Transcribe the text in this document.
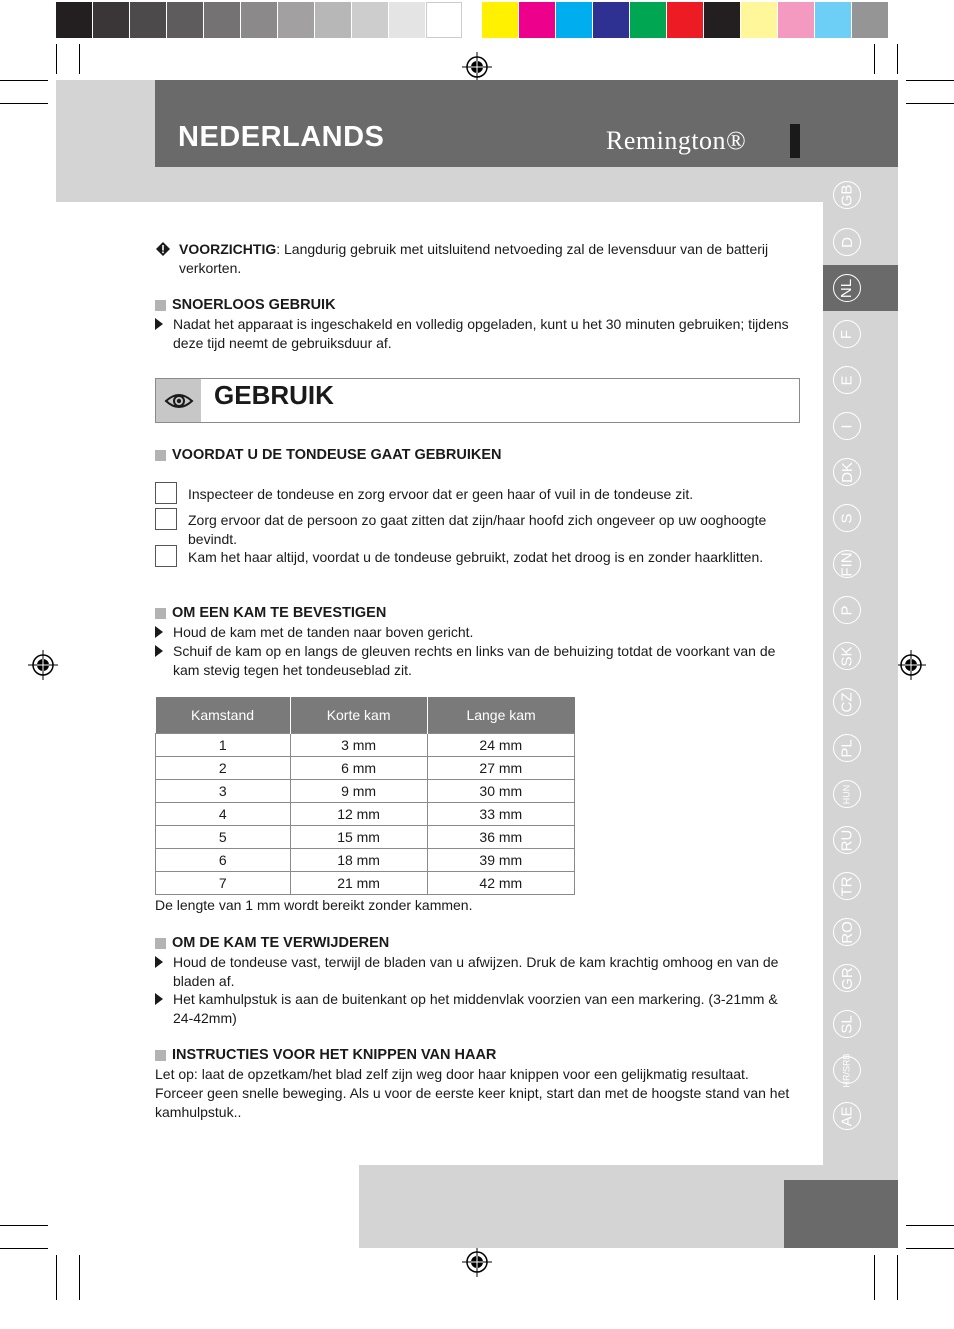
NEDERLANDS	Remington®
GB
D
NL
F
E
I
DK
S
FIN
P
SK
CZ
PL
HUN
RU
TR
RO
GR
SL
HR/SRB
AE
VOORZICHTIG: Langdurig gebruik met uitsluitend netvoeding zal de levensduur van de batterij verkorten.
SNOERLOOS GEBRUIK
Nadat het apparaat is ingeschakeld en volledig opgeladen, kunt u het 30 minuten gebruiken; tijdens deze tijd neemt de gebruiksduur af.
GEBRUIK
VOORDAT U DE TONDEUSE GAAT GEBRUIKEN
Inspecteer de tondeuse en zorg ervoor dat er geen haar of vuil in de tondeuse zit.
Zorg ervoor dat de persoon zo gaat zitten dat zijn/haar hoofd zich ongeveer op uw ooghoogte bevindt.
Kam het haar altijd, voordat u de tondeuse gebruikt, zodat het droog is en zonder haarklitten.
OM EEN KAM TE BEVESTIGEN
Houd de kam met de tanden naar boven gericht.
Schuif de kam op en langs de gleuven rechts en links van de behuizing totdat de voorkant van de kam stevig tegen het tondeuseblad zit.
Kamstand	Korte kam	Lange kam
1	3 mm	24 mm
2	6 mm	27 mm
3	9 mm	30 mm
4	12 mm	33 mm
5	15 mm	36 mm
6	18 mm	39 mm
7	21 mm	42 mm
De lengte van 1 mm wordt bereikt zonder kammen.
OM DE KAM TE VERWIJDEREN
Houd de tondeuse vast, terwijl de bladen van u afwijzen. Druk de kam krachtig omhoog en van de bladen af.
Het kamhulpstuk is aan de buitenkant op het middenvlak voorzien van een markering. (3-21mm & 24-42mm)
INSTRUCTIES VOOR HET KNIPPEN VAN HAAR
Let op: laat de opzetkam/het blad zelf zijn weg door haar knippen voor een gelijkmatig resultaat. Forceer geen snelle beweging. Als u voor de eerste keer knipt, start dan met de hoogste stand van het kamhulpstuk..
